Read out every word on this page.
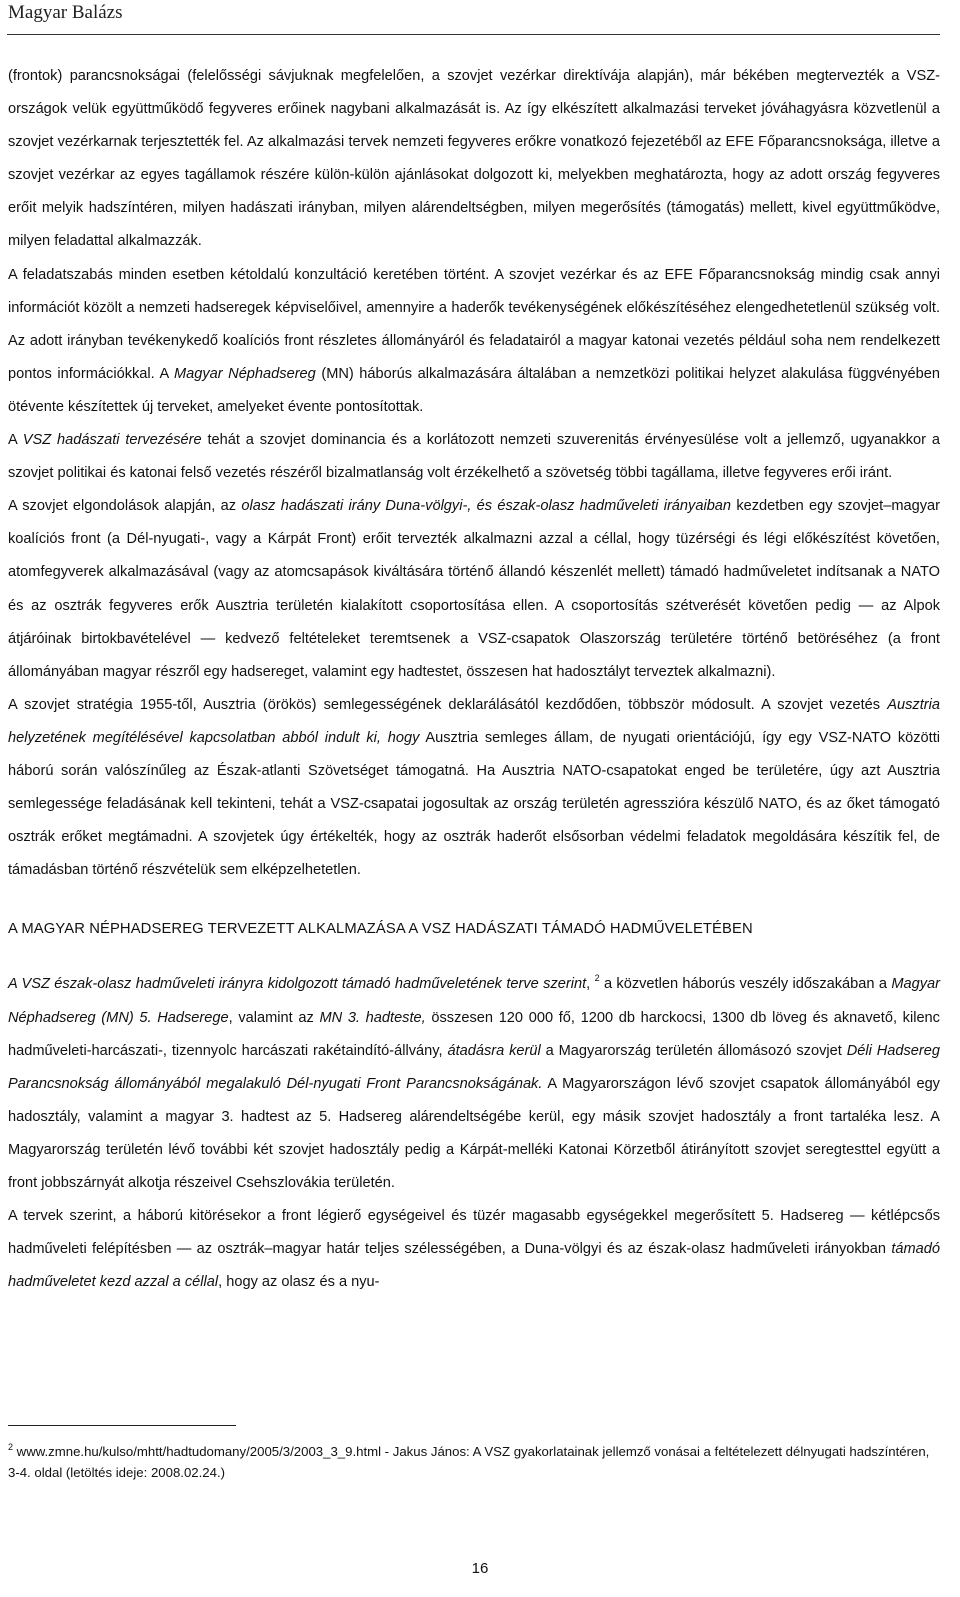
Magyar Balázs

(frontok) parancsnokságai (felelősségi sávjuknak megfelelően, a szovjet vezérkar direktívája alapján), már békében megtervezték a VSZ-országok velük együttműködő fegyveres erőinek nagybani alkalmazását is. Az így elkészített alkalmazási terveket jóváhagyásra közvetlenül a szovjet vezérkarnak terjesztették fel. Az alkalmazási tervek nemzeti fegyveres erőkre vonatkozó fejezetéből az EFE Főparancsnoksága, illetve a szovjet vezérkar az egyes tagállamok részére külön-külön ajánlásokat dolgozott ki, melyekben meghatározta, hogy az adott ország fegyveres erőit melyik hadszíntéren, milyen hadászati irányban, milyen alárendeltségben, milyen megerősítés (támogatás) mellett, kivel együttműködve, milyen feladattal alkalmazzák.

A feladatszabás minden esetben kétoldalú konzultáció keretében történt. A szovjet vezérkar és az EFE Főparancsnokság mindig csak annyi információt közölt a nemzeti hadseregek képviselőivel, amennyire a haderők tevékenységének előkészítéséhez elengedhetetlenül szükség volt. Az adott irányban tevékenykedő koalíciós front részletes állományáról és feladatairól a magyar katonai vezetés például soha nem rendelkezett pontos információkkal. A Magyar Néphadsereg (MN) háborús alkalmazására általában a nemzetközi politikai helyzet alakulása függvényében ötévente készítettek új terveket, amelyeket évente pontosítottak.

A VSZ hadászati tervezésére tehát a szovjet dominancia és a korlátozott nemzeti szuverenitás érvényesülése volt a jellemző, ugyanakkor a szovjet politikai és katonai felső vezetés részéről bizalmatlanság volt érzékelhető a szövetség többi tagállama, illetve fegyveres erői iránt.

A szovjet elgondolások alapján, az olasz hadászati irány Duna-völgyi-, és észak-olasz hadműveleti irányaiban kezdetben egy szovjet–magyar koalíciós front (a Dél-nyugati-, vagy a Kárpát Front) erőit tervezték alkalmazni azzal a céllal, hogy tüzérségi és légi előkészítést követően, atomfegyverek alkalmazásával (vagy az atomcsapások kiváltására történő állandó készenlét mellett) támadó hadműveletet indítsanak a NATO és az osztrák fegyveres erők Ausztria területén kialakított csoportosítása ellen. A csoportosítás szétverését követően pedig — az Alpok átjáróinak birtokbavételével — kedvező feltételeket teremtsenek a VSZ-csapatok Olaszország területére történő betöréséhez (a front állományában magyar részről egy hadsereget, valamint egy hadtestet, összesen hat hadosztályt terveztek alkalmazni).

A szovjet stratégia 1955-től, Ausztria (örökös) semlegességének deklarálásától kezdődően, többször módosult. A szovjet vezetés Ausztria helyzetének megítélésével kapcsolatban abból indult ki, hogy Ausztria semleges állam, de nyugati orientációjú, így egy VSZ-NATO közötti háború során valószínűleg az Észak-atlanti Szövetséget támogatná. Ha Ausztria NATO-csapatokat enged be területére, úgy azt Ausztria semlegessége feladásának kell tekinteni, tehát a VSZ-csapatai jogosultak az ország területén agresszióra készülő NATO, és az őket támogató osztrák erőket megtámadni. A szovjetek úgy értékelték, hogy az osztrák haderőt elsősorban védelmi feladatok megoldására készítik fel, de támadásban történő részvételük sem elképzelhetetlen.

A MAGYAR NÉPHADSEREG TERVEZETT ALKALMAZÁSA A VSZ HADÁSZATI TÁMADÓ HADMŰVELETÉBEN

A VSZ észak-olasz hadműveleti irányra kidolgozott támadó hadműveletének terve szerint, $^2$ a közvetlen háborús veszély időszakában a Magyar Néphadsereg (MN) 5. Hadserege, valamint az MN 3. hadteste, összesen 120 000 fő, 1200 db harckocsi, 1300 db löveg és aknavető, kilenc hadműveleti-harcászati-, tizennyolc harcászati rakétaindító-állvány, átadásra kerül a Magyarország területén állomásozó szovjet Déli Hadsereg Parancsnokság állományából megalakuló Dél-nyugati Front Parancsnokságának. A Magyarországon lévő szovjet csapatok állományából egy hadosztály, valamint a magyar 3. hadtest az 5. Hadsereg alárendeltségébe kerül, egy másik szovjet hadosztály a front tartaléka lesz. A Magyarország területén lévő további két szovjet hadosztály pedig a Kárpát-melléki Katonai Körzetből átirányított szovjet seregtesttel együtt a front jobbszárnyát alkotja részeivel Csehszlovákia területén.

A tervek szerint, a háború kitörésekor a front légierő egységeivel és tüzér magasabb egységekkel megerősített 5. Hadsereg — kétlépcsős hadműveleti felépítésben — az osztrák–magyar határ teljes szélességében, a Duna-völgyi és az észak-olasz hadműveleti irányokban támadó hadműveletet kezd azzal a céllal, hogy az olasz és a nyu-

$^2$ www.zmne.hu/kulso/mhtt/hadtudomany/2005/3/2003_3_9.html - Jakus János: A VSZ gyakorlatainak jellemző vonásai a feltételezett délnyugati hadszíntéren, 3-4. oldal (letöltés ideje: 2008.02.24.)
16
